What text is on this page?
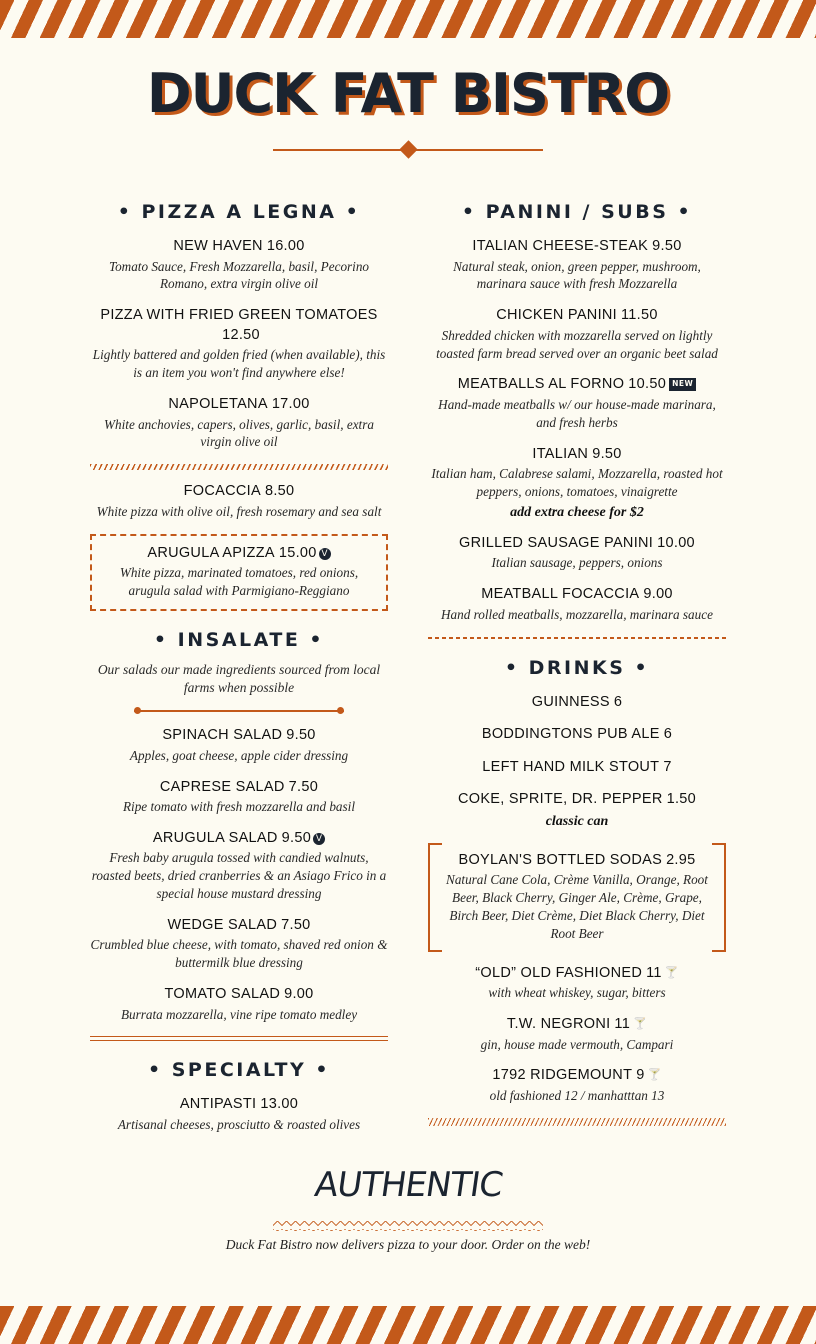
DUCK FAT BISTRO
• PIZZA A LEGNA •
NEW HAVEN 16.00
Tomato Sauce, Fresh Mozzarella, basil, Pecorino Romano, extra virgin olive oil
PIZZA WITH FRIED GREEN TOMATOES
12.50
Lightly battered and golden fried (when available), this is an item you won't find anywhere else!
NAPOLETANA 17.00
White anchovies, capers, olives, garlic, basil, extra virgin olive oil
FOCACCIA 8.50
White pizza with olive oil, fresh rosemary and sea salt
ARUGULA APIZZA 15.00 V
White pizza, marinated tomatoes, red onions, arugula salad with Parmigiano-Reggiano
• INSALATE •
Our salads our made ingredients sourced from local farms when possible
SPINACH SALAD 9.50
Apples, goat cheese, apple cider dressing
CAPRESE SALAD 7.50
Ripe tomato with fresh mozzarella and basil
ARUGULA SALAD 9.50 V
Fresh baby arugula tossed with candied walnuts, roasted beets, dried cranberries & an Asiago Frico in a special house mustard dressing
WEDGE SALAD 7.50
Crumbled blue cheese, with tomato, shaved red onion & buttermilk blue dressing
TOMATO SALAD 9.00
Burrata mozzarella, vine ripe tomato medley
• SPECIALTY •
ANTIPASTI 13.00
Artisanal cheeses, prosciutto & roasted olives
• PANINI / SUBS •
ITALIAN CHEESE-STEAK 9.50
Natural steak, onion, green pepper, mushroom, marinara sauce with fresh Mozzarella
CHICKEN PANINI 11.50
Shredded chicken with mozzarella served on lightly toasted farm bread served over an organic beet salad
MEATBALLS AL FORNO 10.50 NEW
Hand-made meatballs w/ our house-made marinara, and fresh herbs
ITALIAN 9.50
Italian ham, Calabrese salami, Mozzarella, roasted hot peppers, onions, tomatoes, vinaigrette
add extra cheese for $2
GRILLED SAUSAGE PANINI 10.00
Italian sausage, peppers, onions
MEATBALL FOCACCIA 9.00
Hand rolled meatballs, mozzarella, marinara sauce
• DRINKS •
GUINNESS 6
BODDINGTONS PUB ALE 6
LEFT HAND MILK STOUT 7
COKE, SPRITE, DR. PEPPER 1.50
classic can
BOYLAN'S BOTTLED SODAS 2.95
Natural Cane Cola, Crème Vanilla, Orange, Root Beer, Black Cherry, Ginger Ale, Crème, Grape, Birch Beer, Diet Crème, Diet Black Cherry, Diet Root Beer
“OLD” OLD FASHIONED 11 🍸
with wheat whiskey, sugar, bitters
T.W. NEGRONI 11 🍸
gin, house made vermouth, Campari
1792 RIDGEMOUNT 9 🍸
old fashioned 12 / manhatttan 13
AUTHENTIC
Duck Fat Bistro now delivers pizza to your door. Order on the web!
